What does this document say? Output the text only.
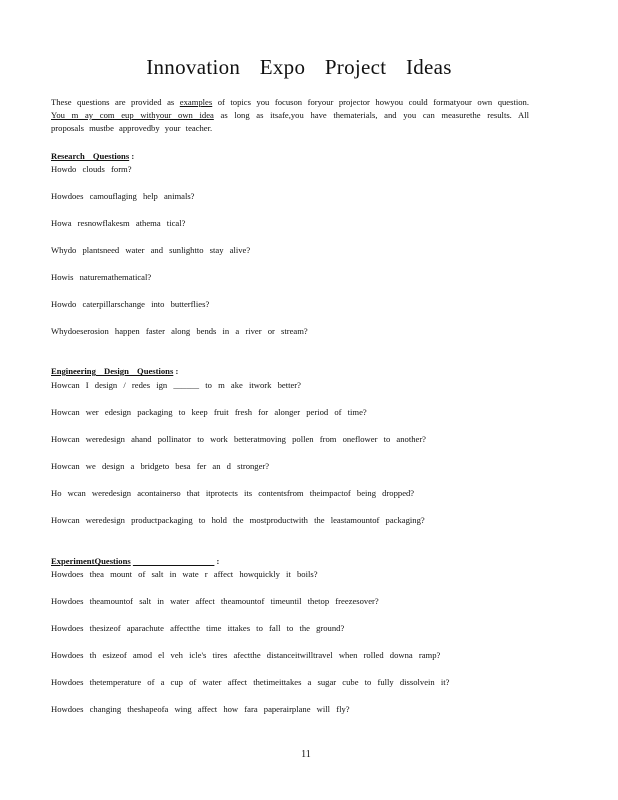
Innovation Expo Project Ideas
These questions are provided as examples of topics you focuson foryour projector howyou could formatyour own question. You m ay com eup withyour own idea as long as itsafe,you have thematerials, and you can measurethe results. All proposals mustbe approvedby your teacher.
Research Questions :
Howdo clouds form?
Howdoes camouflaging help animals?
Howa resnowflakesm athema tical?
Whydo plantsneed water and sunlightto stay alive?
Howis naturemathematical?
Howdo caterpillarschange into butterflies?
Whydoeserosion happen faster along bends in a river or stream?
Engineering Design Questions :
Howcan I design / redes ign ______ to m ake itwork better?
Howcan wer edesign packaging to keep fruit fresh for alonger period of time?
Howcan weredesign ahand pollinator to work betteratmoving pollen from oneflower to another?
Howcan we design a bridgeto besa fer an d stronger?
Ho wcan weredesign acontainerso that itprotects its contentsfrom theimpactof being dropped?
Howcan weredesign productpackaging to hold the mostproductwith the leastamountof packaging?
ExperimentQuestions	:
Howdoes thea mount of salt in wate r affect howquickly it boils?
Howdoes theamountof salt in water affect theamountof timeuntil thetop freezesover?
Howdoes thesizeof aparachute affectthe time ittakes to fall to the ground?
Howdoes th esizeof amod el veh icle's tires afectthe distanceitwilltravel when rolled downa ramp?
Howdoes thetemperature of a cup of water affect thetimeittakes a sugar cube to fully dissolvein it?
Howdoes changing theshapeofa wing affect how fara paperairplane will fly?
11
